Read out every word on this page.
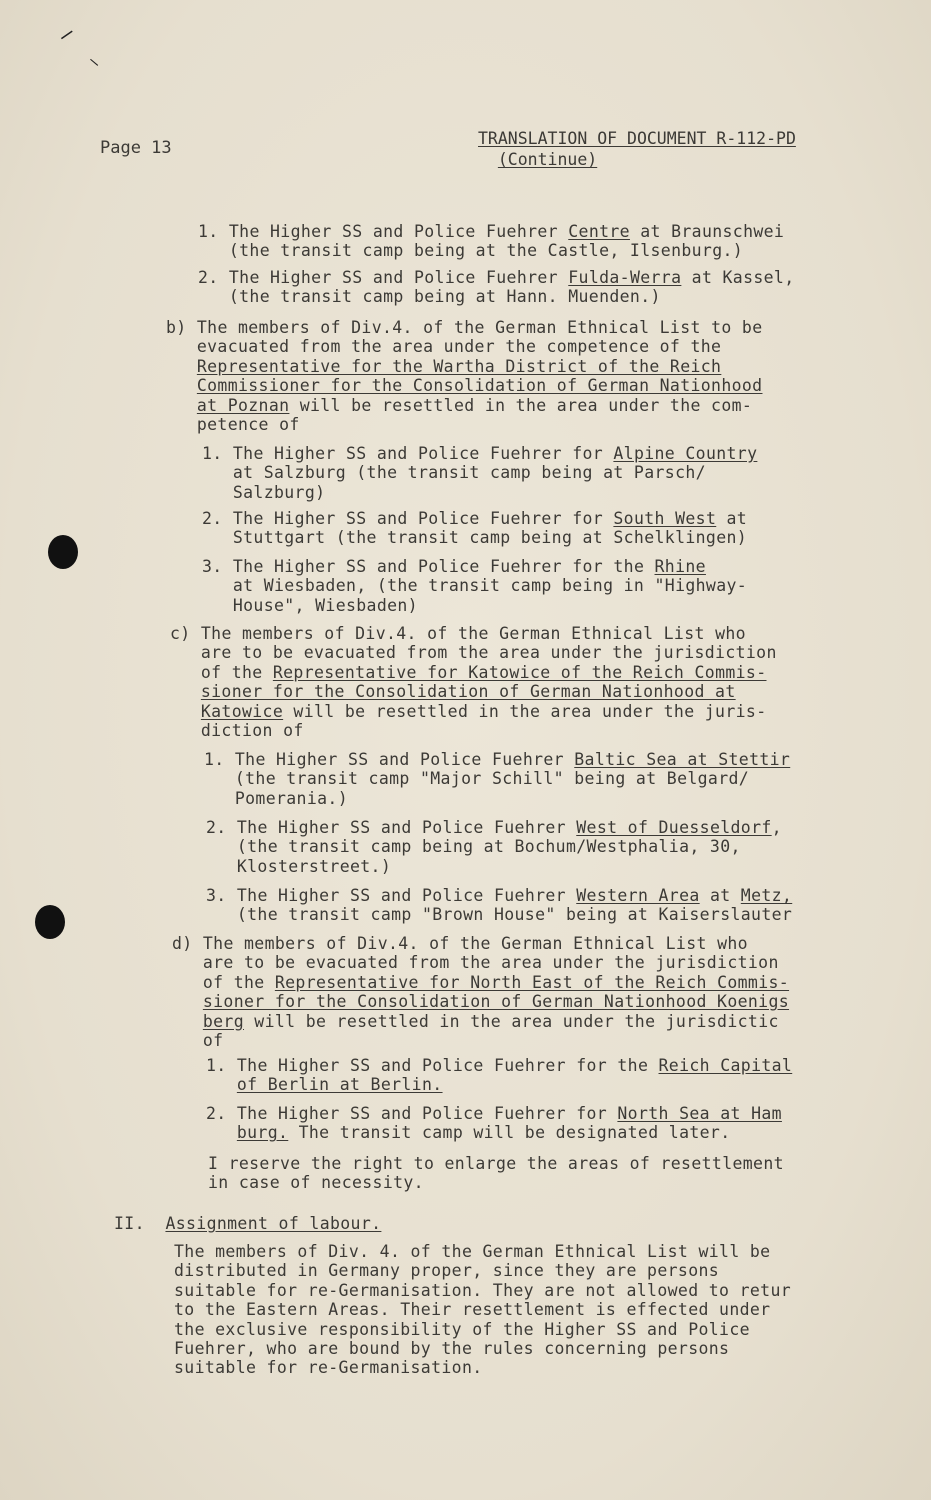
―
―
Page 13	TRANSLATION OF DOCUMENT R-112-PD
(Continue)
1. The Higher SS and Police Fuehrer Centre at Braunschwei
(the transit camp being at the Castle, Ilsenburg.)
2. The Higher SS and Police Fuehrer Fulda-Werra at Kassel,
(the transit camp being at Hann. Muenden.)
b) The members of Div.4. of the German Ethnical List to be
evacuated from the area under the competence of the
Representative for the Wartha District of the Reich
Commissioner for the Consolidation of German Nationhood
at Poznan will be resettled in the area under the com-
petence of
1. The Higher SS and Police Fuehrer for Alpine Country
at Salzburg (the transit camp being at Parsch/
Salzburg)
2. The Higher SS and Police Fuehrer for South West at
Stuttgart (the transit camp being at Schelklingen)
3. The Higher SS and Police Fuehrer for the Rhine
at Wiesbaden, (the transit camp being in "Highway-
House", Wiesbaden)
c) The members of Div.4. of the German Ethnical List who
are to be evacuated from the area under the jurisdiction
of the Representative for Katowice of the Reich Commis-
sioner for the Consolidation of German Nationhood at
Katowice will be resettled in the area under the juris-
diction of
1. The Higher SS and Police Fuehrer Baltic Sea at Stettir
(the transit camp "Major Schill" being at Belgard/
Pomerania.)
2. The Higher SS and Police Fuehrer West of Duesseldorf,
(the transit camp being at Bochum/Westphalia, 30,
Klosterstreet.)
3. The Higher SS and Police Fuehrer Western Area at Metz,
(the transit camp "Brown House" being at Kaiserslauter
d) The members of Div.4. of the German Ethnical List who
are to be evacuated from the area under the jurisdiction
of the Representative for North East of the Reich Commis-
sioner for the Consolidation of German Nationhood Koenigs
berg will be resettled in the area under the jurisdictic
of
1. The Higher SS and Police Fuehrer for the Reich Capital
of Berlin at Berlin.
2. The Higher SS and Police Fuehrer for North Sea at Ham
burg. The transit camp will be designated later.
I reserve the right to enlarge the areas of resettlement
in case of necessity.
II. Assignment of labour.
The members of Div. 4. of the German Ethnical List will be
distributed in Germany proper, since they are persons
suitable for re-Germanisation. They are not allowed to retur
to the Eastern Areas. Their resettlement is effected under
the exclusive responsibility of the Higher SS and Police
Fuehrer, who are bound by the rules concerning persons
suitable for re-Germanisation.
